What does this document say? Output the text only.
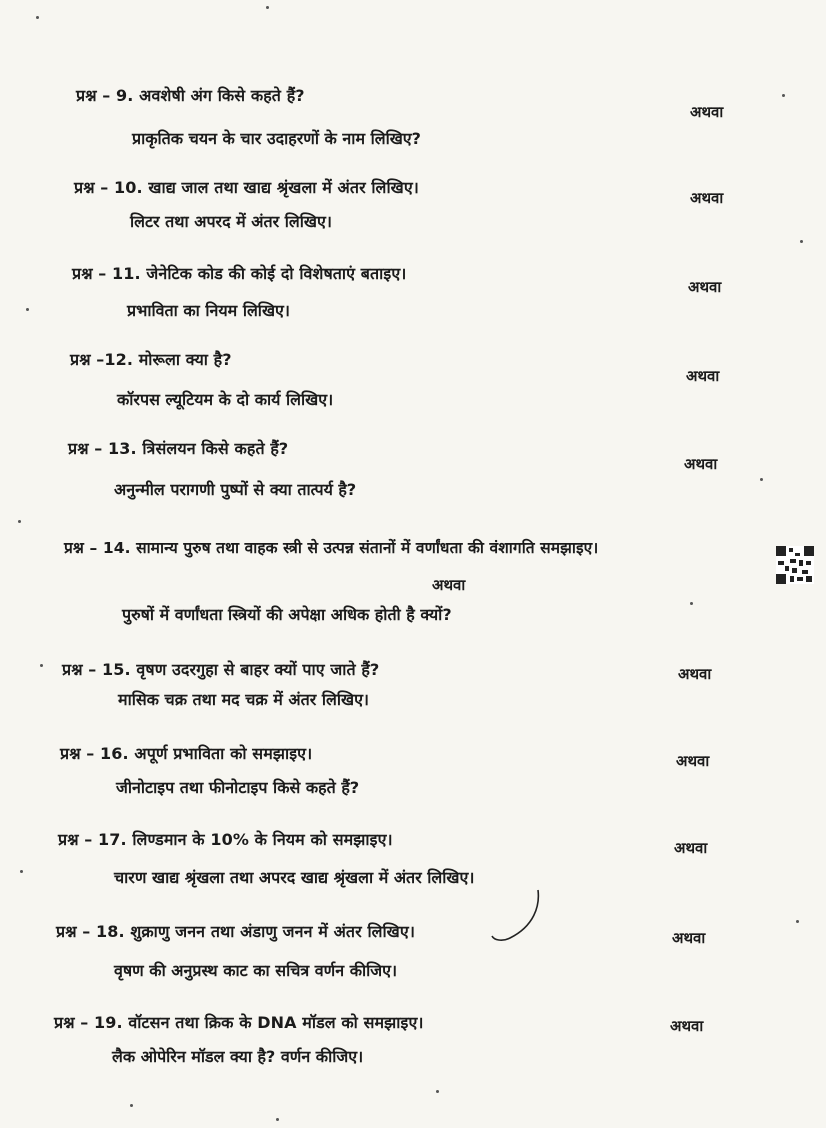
प्रश्न – 9. अवशेषी अंग किसे कहते हैं?
अथवा
प्राकृतिक चयन के चार उदाहरणों के नाम लिखिए?
प्रश्न – 10. खाद्य जाल तथा खाद्य श्रृंखला में अंतर लिखिए।
अथवा
लिटर तथा अपरद में अंतर लिखिए।
प्रश्न – 11. जेनेटिक कोड की कोई दो विशेषताएं बताइए।
अथवा
प्रभाविता का नियम लिखिए।
प्रश्न –12. मोरूला क्या है?
अथवा
कॉरपस ल्यूटियम के दो कार्य लिखिए।
प्रश्न – 13. त्रिसंलयन किसे कहते हैं?
अथवा
अनुन्मील परागणी पुष्पों से क्या तात्पर्य है?
प्रश्न – 14. सामान्य पुरुष तथा वाहक स्त्री से उत्पन्न संतानों में वर्णांधता की वंशागति समझाइए।
अथवा
पुरुषों में वर्णांधता स्त्रियों की अपेक्षा अधिक होती है क्यों?
प्रश्न – 15. वृषण उदरगुहा से बाहर क्यों पाए जाते हैं?	अथवा
मासिक चक्र तथा मद चक्र में अंतर लिखिए।
प्रश्न – 16. अपूर्ण प्रभाविता को समझाइए।	अथवा
जीनोटाइप तथा फीनोटाइप किसे कहते हैं?
प्रश्न – 17. लिण्डमान के 10% के नियम को समझाइए।	अथवा
चारण खाद्य श्रृंखला तथा अपरद खाद्य श्रृंखला में अंतर लिखिए।
प्रश्न – 18. शुक्राणु जनन तथा अंडाणु जनन में अंतर लिखिए।	अथवा
वृषण की अनुप्रस्थ काट का सचित्र वर्णन कीजिए।
प्रश्न – 19. वॉटसन तथा क्रिक के DNA मॉडल को समझाइए।	अथवा
लैक ओपेरिन मॉडल क्या है? वर्णन कीजिए।
